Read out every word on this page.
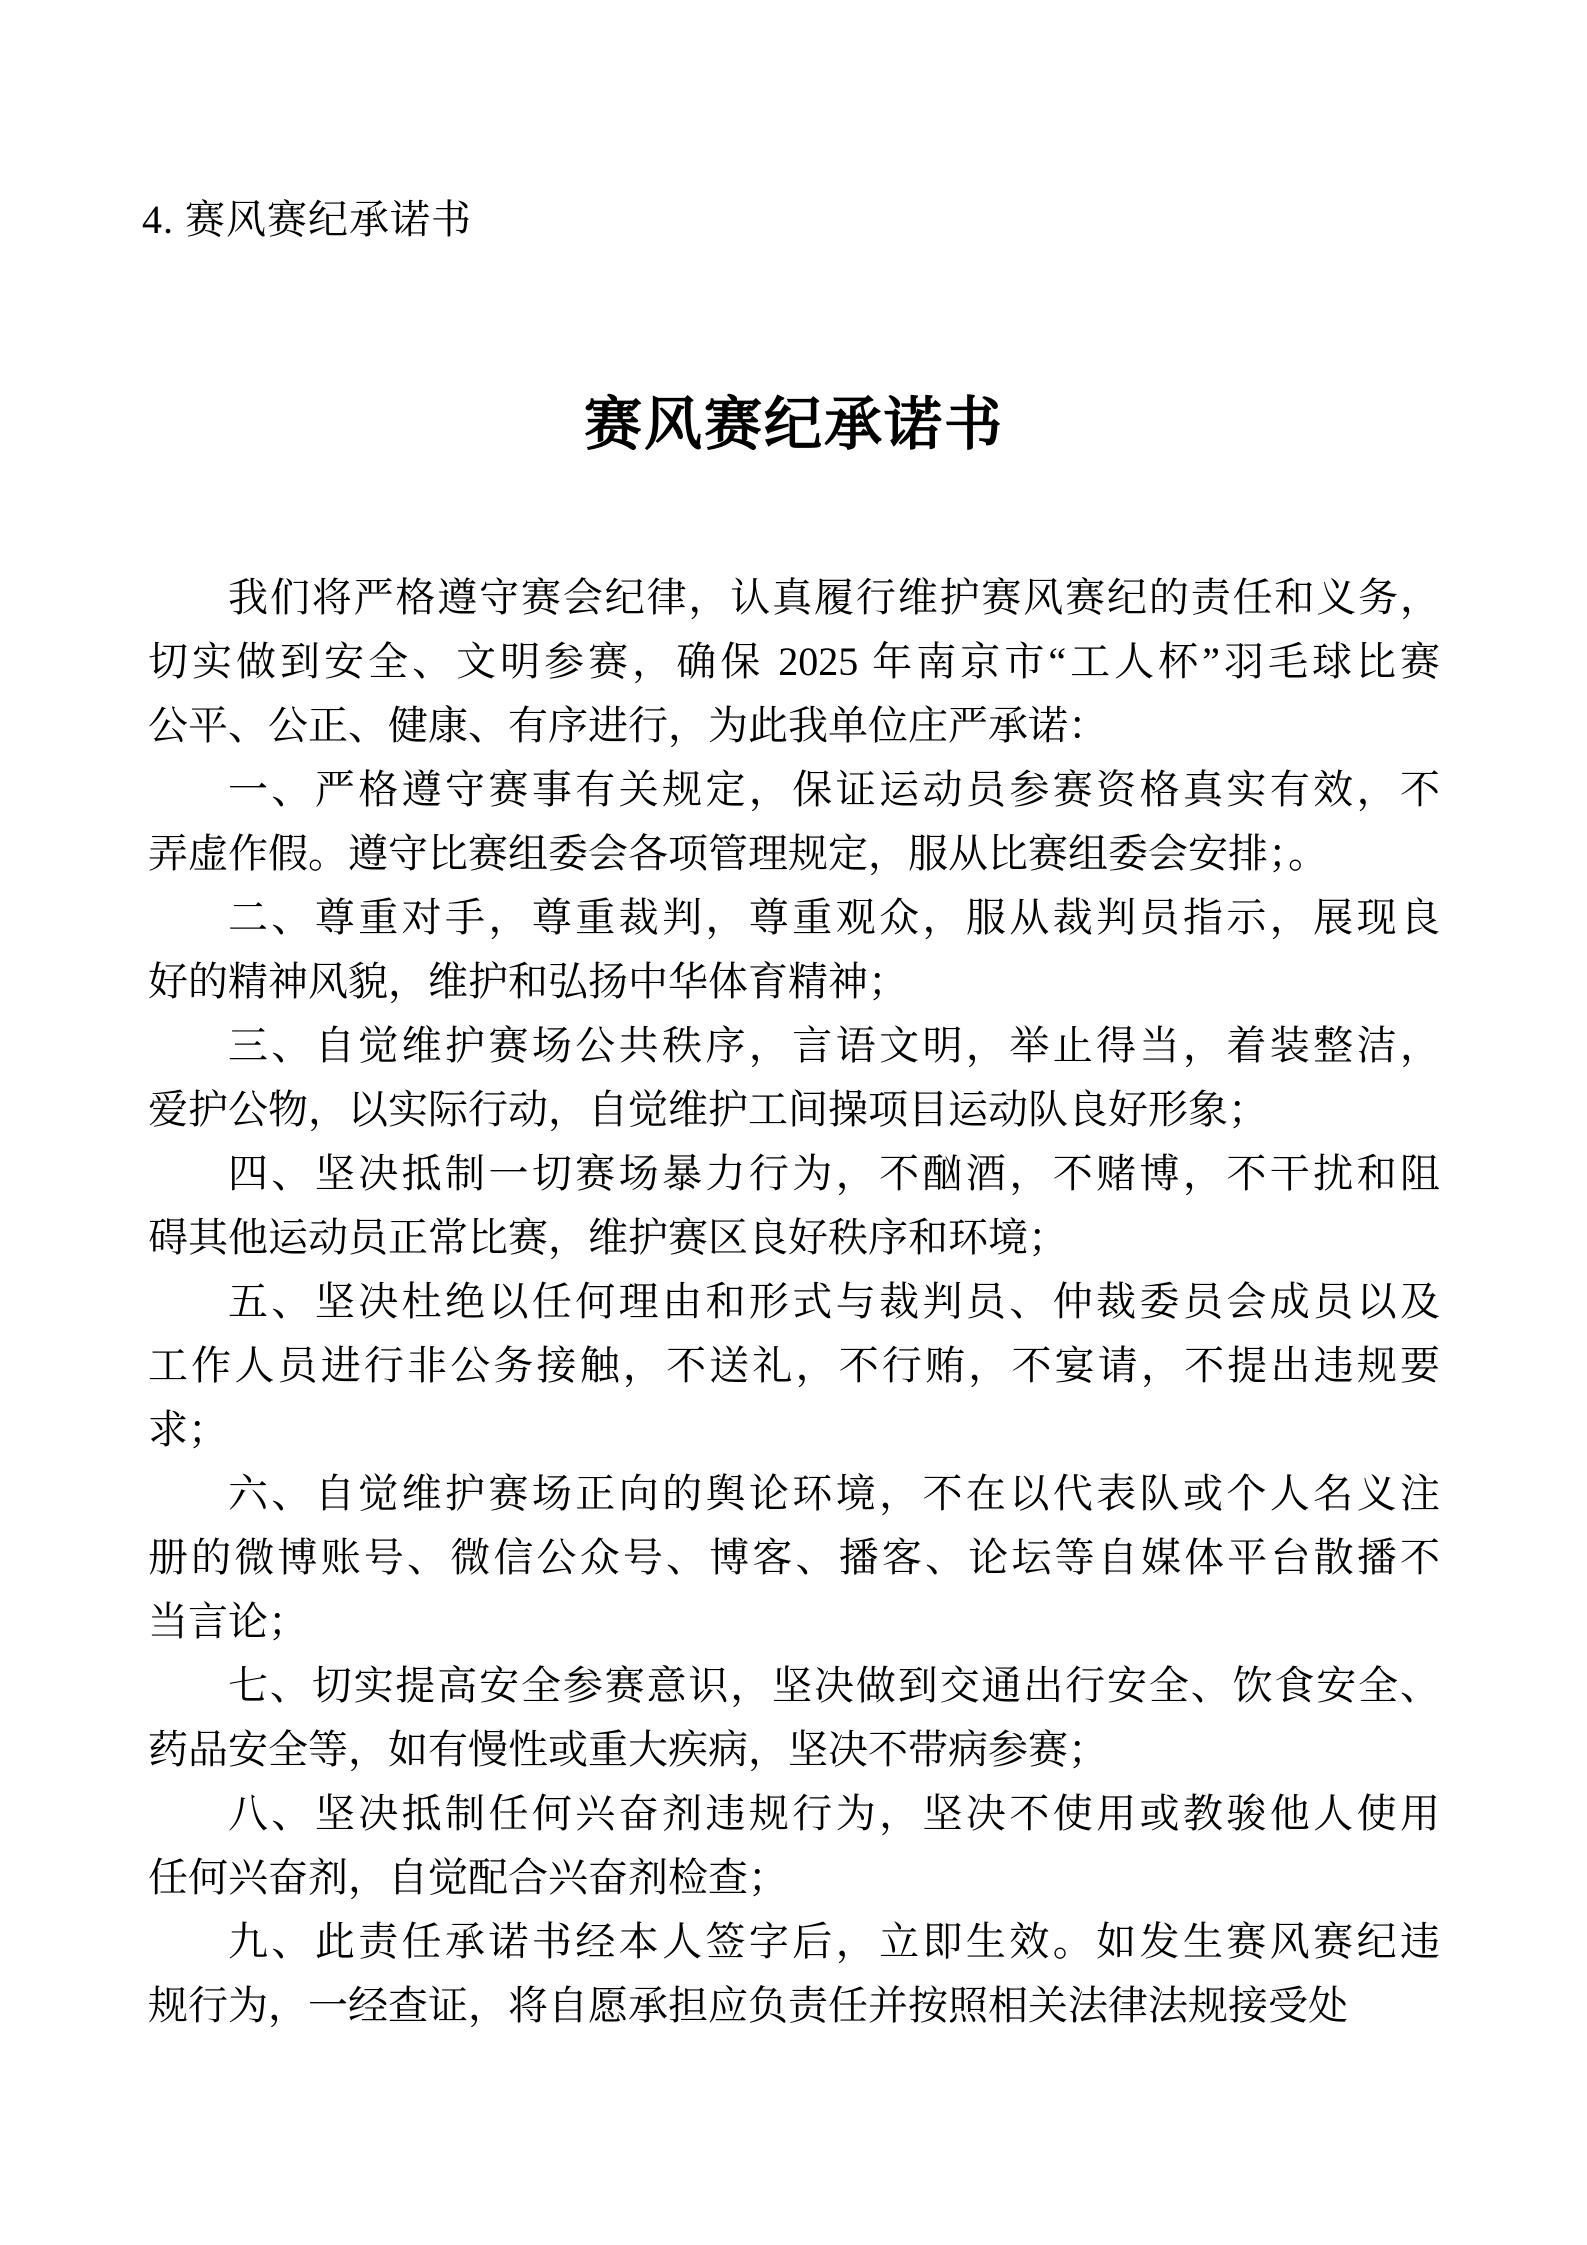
4. 赛风赛纪承诺书
赛风赛纪承诺书
我们将严格遵守赛会纪律，认真履行维护赛风赛纪的责任和义务，
切实做到安全、文明参赛，确保 2025 年南京市“工人杯”羽毛球比赛
公平、公正、健康、有序进行，为此我单位庄严承诺：
一、严格遵守赛事有关规定，保证运动员参赛资格真实有效，不
弄虚作假。遵守比赛组委会各项管理规定，服从比赛组委会安排；。
二、尊重对手，尊重裁判，尊重观众，服从裁判员指示，展现良
好的精神风貌，维护和弘扬中华体育精神；
三、自觉维护赛场公共秩序，言语文明，举止得当，着装整洁，
爱护公物，以实际行动，自觉维护工间操项目运动队良好形象；
四、坚决抵制一切赛场暴力行为，不酗酒，不赌博，不干扰和阻
碍其他运动员正常比赛，维护赛区良好秩序和环境；
五、坚决杜绝以任何理由和形式与裁判员、仲裁委员会成员以及
工作人员进行非公务接触，不送礼，不行贿，不宴请，不提出违规要
求；
六、自觉维护赛场正向的舆论环境，不在以代表队或个人名义注
册的微博账号、微信公众号、博客、播客、论坛等自媒体平台散播不
当言论；
七、切实提高安全参赛意识，坚决做到交通出行安全、饮食安全、
药品安全等，如有慢性或重大疾病，坚决不带病参赛；
八、坚决抵制任何兴奋剂违规行为，坚决不使用或教骏他人使用
任何兴奋剂，自觉配合兴奋剂检查；
九、此责任承诺书经本人签字后，立即生效。如发生赛风赛纪违
规行为，一经查证，将自愿承担应负责任并按照相关法律法规接受处
